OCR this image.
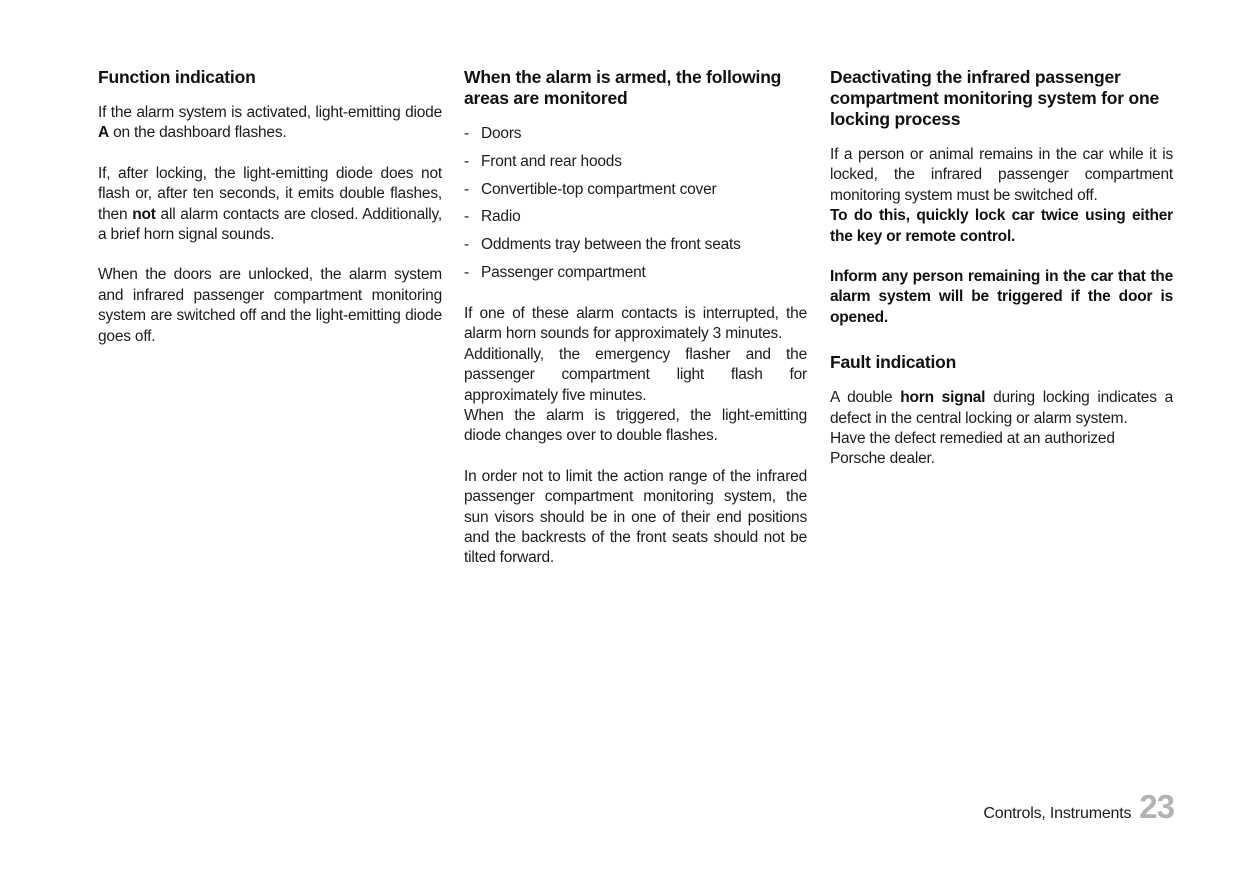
Function indication

If the alarm system is activated, light-emitting diode A on the dashboard flashes.

If, after locking, the light-emitting diode does not flash or, after ten seconds, it emits double flashes, then not all alarm contacts are closed. Additionally, a brief horn signal sounds.

When the doors are unlocked, the alarm system and infrared passenger compartment monitoring system are switched off and the light-emitting diode goes off.

When the alarm is armed, the following areas are monitored
- Doors
- Front and rear hoods
- Convertible-top compartment cover
- Radio
- Oddments tray between the front seats
- Passenger compartment

If one of these alarm contacts is interrupted, the alarm horn sounds for approximately 3 minutes.

Additionally, the emergency flasher and the passenger compartment light flash for approximately five minutes.

When the alarm is triggered, the light-emitting diode changes over to double flashes.

In order not to limit the action range of the infrared passenger compartment monitoring system, the sun visors should be in one of their end positions and the backrests of the front seats should not be tilted forward.

Deactivating the infrared passenger compartment monitoring system for one locking process

If a person or animal remains in the car while it is locked, the infrared passenger compartment monitoring system must be switched off.

To do this, quickly lock car twice using either the key or remote control.

Inform any person remaining in the car that the alarm system will be triggered if the door is opened.

Fault indication

A double horn signal during locking indicates a defect in the central locking or alarm system.

Have the defect remedied at an authorized Porsche dealer.

Controls, Instruments 23
